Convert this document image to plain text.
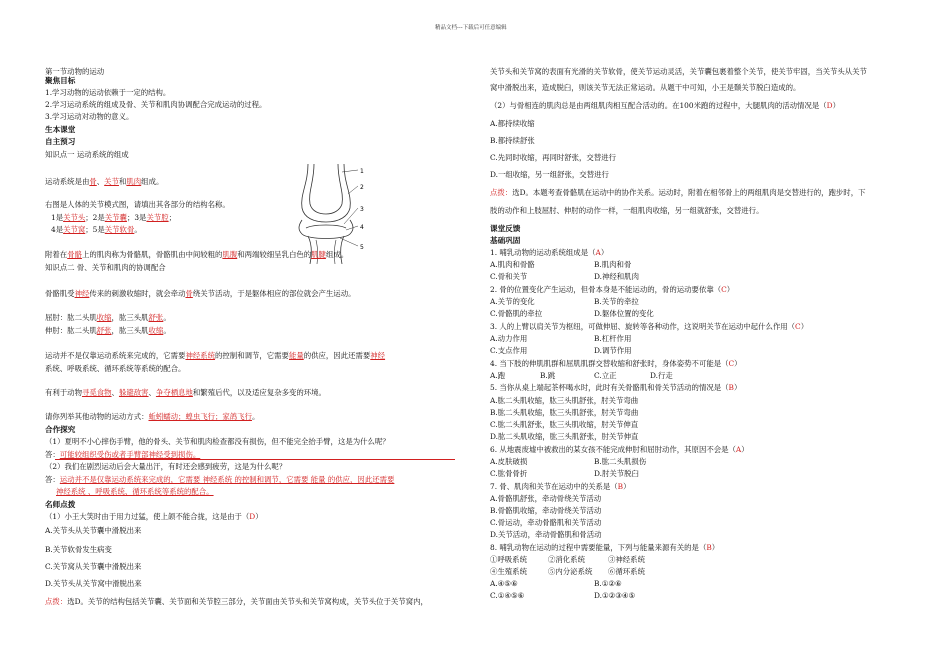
精品文档---下载后可任意编辑
第一节动物的运动
聚焦目标
1.学习动物的运动依赖于一定的结构。
2.学习运动系统的组成及骨、关节和肌肉协调配合完成运动的过程。
3.学习运动对动物的意义。
生本课堂
自主预习
知识点一 运动系统的组成
运动系统是由骨、关节和肌肉组成。
右图是人体的关节模式图，请填出其各部分的结构名称。
1是关节头；2是关节囊；3是关节腔；
4是关节窝；5是关节软骨。
1
2
3
4
5
附着在骨骼上的肌肉称为骨骼肌，骨骼肌由中间较粗的肌腹和两端较细呈乳白色的肌腱组成。
知识点二 骨、关节和肌肉的协调配合
骨骼肌受神经传来的刺激收缩时，就会牵动骨绕关节活动，于是躯体相应的部位就会产生运动。
屈肘：肱二头肌收缩，肱三头肌舒张。
伸肘：肱二头肌舒张，肱三头肌收缩。
运动并不是仅靠运动系统来完成的，它需要神经系统的控制和调节，它需要能量的供应，因此还需要神经
系统、呼吸系统、循环系统等系统的配合。
有利于动物寻觅食物、躲避敌害、争夺栖息地和繁殖后代，以及适应复杂多变的环境。
请你列举其他动物的运动方式：蚯蚓蠕动；蝗虫飞行；家鸽飞行。
合作探究
（1）夏明不小心摔伤手臂，他的骨头、关节和肌肉检查都没有损伤，但不能完全抬手臂，这是为什么呢？
答：可能较组织受伤或者手臂部神经受到损伤。
（2）我们在剧烈运动后会大量出汗，有时还会感到疲劳，这是为什么呢？
答：运动并不是仅靠运动系统来完成的，它需要 神经系统 的控制和调节，它需要 能量 的供应，因此还需要
神经系统 、呼吸系统、循环系统等系统的配合。
名师点拨
（1）小王大笑时由于用力过猛，使上颌不能合拢，这是由于（D）
A.关节头从关节囊中滑脱出来
B.关节软骨发生病变
C.关节窝从关节囊中滑脱出来
D.关节头从关节窝中滑脱出来
点拨：选D。关节的结构包括关节囊、关节面和关节腔三部分，关节面由关节头和关节窝构成，关节头位于关节窝内，
关节头和关节窝的表面有光滑的关节软骨，使关节运动灵活，关节囊包裹着整个关节，使关节牢固，当关节头从关节
窝中滑脱出来，造成脱臼，则该关节无法正常运动。从题干中可知，小王是颞关节脱臼造成的。
（2）与骨相连的肌肉总是由两组肌肉相互配合活动的。在100米跑的过程中，大腿肌肉的活动情况是（D）
A.都持续收缩
B.都持续舒张
C.先同时收缩，再同时舒张，交替进行
D.一组收缩，另一组舒张，交替进行
点拨：选D。本题考查骨骼肌在运动中的协作关系。运动时，附着在相邻骨上的两组肌肉是交替进行的，跑步时，下
肢的动作和上肢屈肘、伸肘的动作一样，一组肌肉收缩，另一组就舒张，交替进行。
课堂反馈
基础巩固
1. 哺乳动物的运动系统组成是（A）
A.肌肉和骨骼	B.肌肉和骨
C.骨和关节	D.神经和肌肉
2. 骨的位置变化产生运动，但骨本身是不能运动的，骨的运动要依靠（C）
A.关节的变化	B.关节的牵拉
C.骨骼肌的牵拉	D.躯体位置的变化
3. 人的上臂以肩关节为枢纽，可做伸屈、旋转等各种动作，这说明关节在运动中起什么作用（C）
A.动力作用	B.杠杆作用
C.支点作用	D.调节作用
4. 当下肢的伸肌肌群和屈肌肌群交替收缩和舒张时，身体姿势不可能是（C）
A.跑	B.跳	C.立正	D.行走
5. 当你从桌上端起茶杯喝水时，此时有关骨骼肌和骨关节活动的情况是（B）
A.肱二头肌收缩，肱三头肌舒张，肘关节弯曲
B.肱二头肌收缩，肱三头肌舒张，肘关节弯曲
C.肱二头肌舒张，肱三头肌收缩，肘关节伸直
D.肱二头肌收缩，肱三头肌舒张，肘关节伸直
6. 从地震废墟中被救出的某女孩不能完成伸肘和屈肘动作，其原因不会是（A）
A.皮肤破损	B.肱二头肌损伤
C.肱骨骨折	D.肘关节脱臼
7. 骨、肌肉和关节在运动中的关系是（B）
A.骨骼肌舒张，牵动骨绕关节活动
B.骨骼肌收缩，牵动骨绕关节活动
C.骨运动，牵动骨骼肌和关节活动
D.关节活动，牵动骨骼肌和骨活动
8. 哺乳动物在运动的过程中需要能量，下列与能量来源有关的是（B）
①呼吸系统	②消化系统	③神经系统
④生殖系统	⑤内分泌系统 ⑥循环系统
A.④⑤⑥	B.①②⑥
C.①④⑤⑥	D.①②③④⑤
